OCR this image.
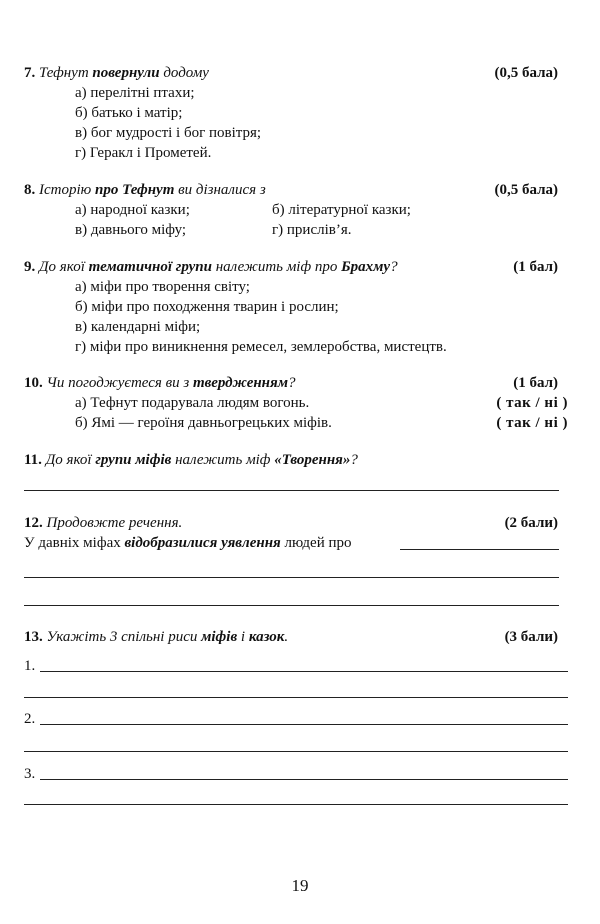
7. Тефнут повернули додому	(0,5 бала)
а) перелітні птахи;
б) батько і матір;
в) бог мудрості і бог повітря;
г) Геракл і Прометей.
8. Історію про Тефнут ви дізналися з	(0,5 бала)
а) народної казки;	б) літературної казки;
в) давнього міфу;	г) прислів’я.
9. До якої тематичної групи належить міф про Брахму?	(1 бал)
а) міфи про творення світу;
б) міфи про походження тварин і рослин;
в) календарні міфи;
г) міфи про виникнення ремесел, землеробства, мистецтв.
10. Чи погоджуєтеся ви з твердженням?	(1 бал)
а) Тефнут подарувала людям вогонь.	( так / ні )
б) Ямі — героїня давньогрецьких міфів.	( так / ні )
11. До якої групи міфів належить міф «Творення»?
12. Продовжте речення.	(2 бали)
У давніх міфах відобразилися уявлення людей про
13. Укажіть 3 спільні риси міфів і казок.	(3 бали)
1.
2.
3.
19
